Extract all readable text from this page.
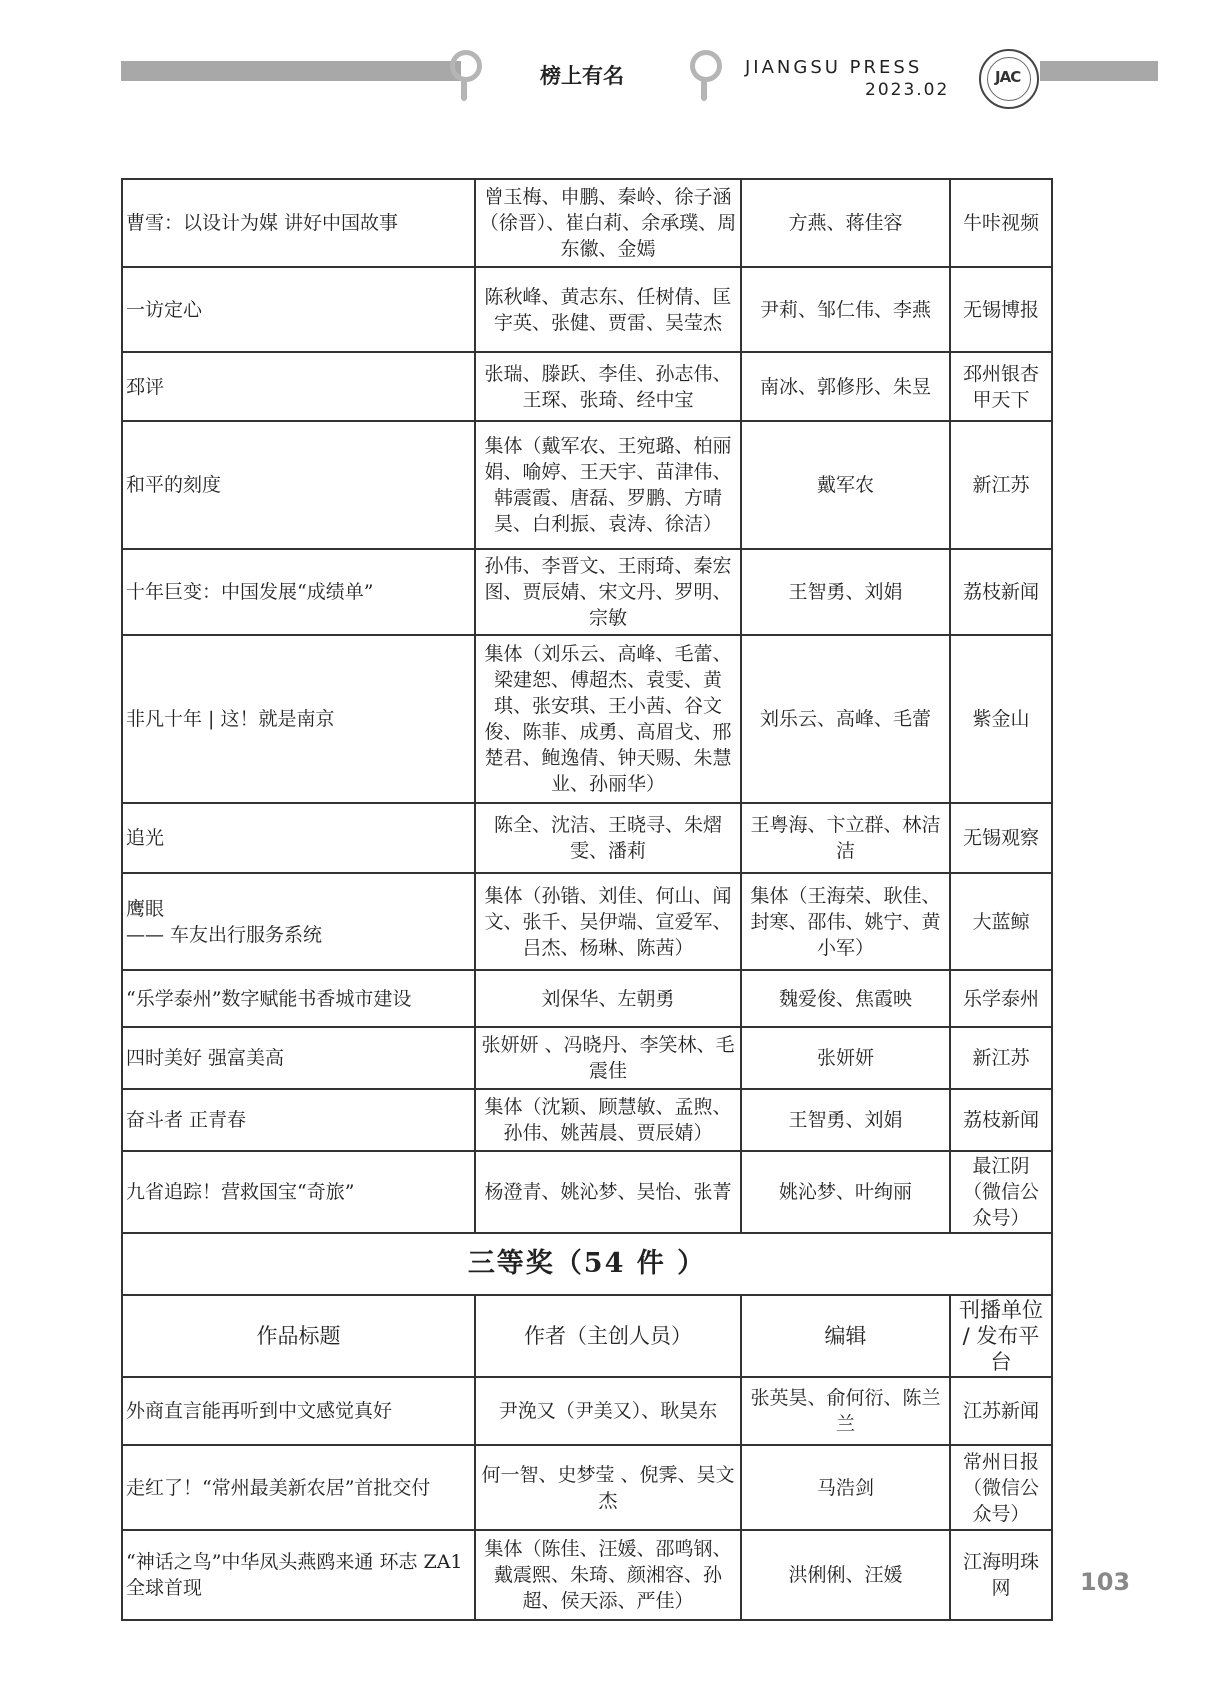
榜上有名	JIANGSU PRESS
2023.02
JAC
曹雪：以设计为媒 讲好中国故事	曾玉梅、申鹏、秦岭、徐子涵（徐晋）、崔白莉、余承璞、周东徽、金嫣	方燕、蒋佳容	牛咔视频
一访定心	陈秋峰、黄志东、任树倩、匡宇英、张健、贾雷、吴莹杰	尹莉、邹仁伟、李燕	无锡博报
邳评	张瑞、滕跃、李佳、孙志伟、王琛、张琦、经中宝	南冰、郭修彤、朱昱	邳州银杏甲天下
和平的刻度	集体（戴军农、王宛璐、柏丽娟、喻婷、王天宇、苗津伟、韩震霞、唐磊、罗鹏、方晴昊、白利振、袁涛、徐洁）	戴军农	新江苏
十年巨变：中国发展“成绩单”	孙伟、李晋文、王雨琦、秦宏图、贾辰婧、宋文丹、罗明、宗敏	王智勇、刘娟	荔枝新闻
非凡十年 | 这！就是南京	集体（刘乐云、高峰、毛蕾、梁建恕、傅超杰、袁雯、黄琪、张安琪、王小茜、谷文俊、陈菲、成勇、高眉戈、邢楚君、鲍逸倩、钟天赐、朱慧业、孙丽华）	刘乐云、高峰、毛蕾	紫金山
追光	陈全、沈洁、王晓寻、朱熠雯、潘莉	王粤海、卞立群、林洁洁	无锡观察

鹰眼
—— 车友出行服务系统	集体（孙锴、刘佳、何山、闻文、张千、吴伊端、宣爱军、吕杰、杨琳、陈茜）	集体（王海荣、耿佳、封寒、邵伟、姚宁、黄小军）	大蓝鲸
“乐学泰州”数字赋能书香城市建设	刘保华、左朝勇	魏爱俊、焦霞映	乐学泰州
四时美好 强富美高	张妍妍 、冯晓丹、李笑林、毛震佳	张妍妍	新江苏
奋斗者 正青春	集体（沈颖、顾慧敏、孟煦、孙伟、姚茜晨、贾辰婧）	王智勇、刘娟	荔枝新闻
九省追踪！营救国宝“奇旅”	杨澄青、姚沁梦、吴怡、张菁	姚沁梦、叶绚丽	最江阴（微信公众号）
三等奖（54 件 ）			
作品标题	作者（主创人员）	编辑	刊播单位 / 发布平台
外商直言能再听到中文感觉真好	尹浼又（尹美又）、耿昊东	张英昊、俞何衍、陈兰兰	江苏新闻
走红了！“常州最美新农居”首批交付	何一智、史梦莹 、倪霁、吴文杰	马浩剑	常州日报（微信公众号）
“神话之鸟”中华凤头燕鸥来通 环志 ZA1 全球首现	集体（陈佳、汪媛、邵鸣钢、戴震熙、朱琦、颜湘容、孙超、侯天添、严佳）	洪俐俐、汪媛	江海明珠网	103
